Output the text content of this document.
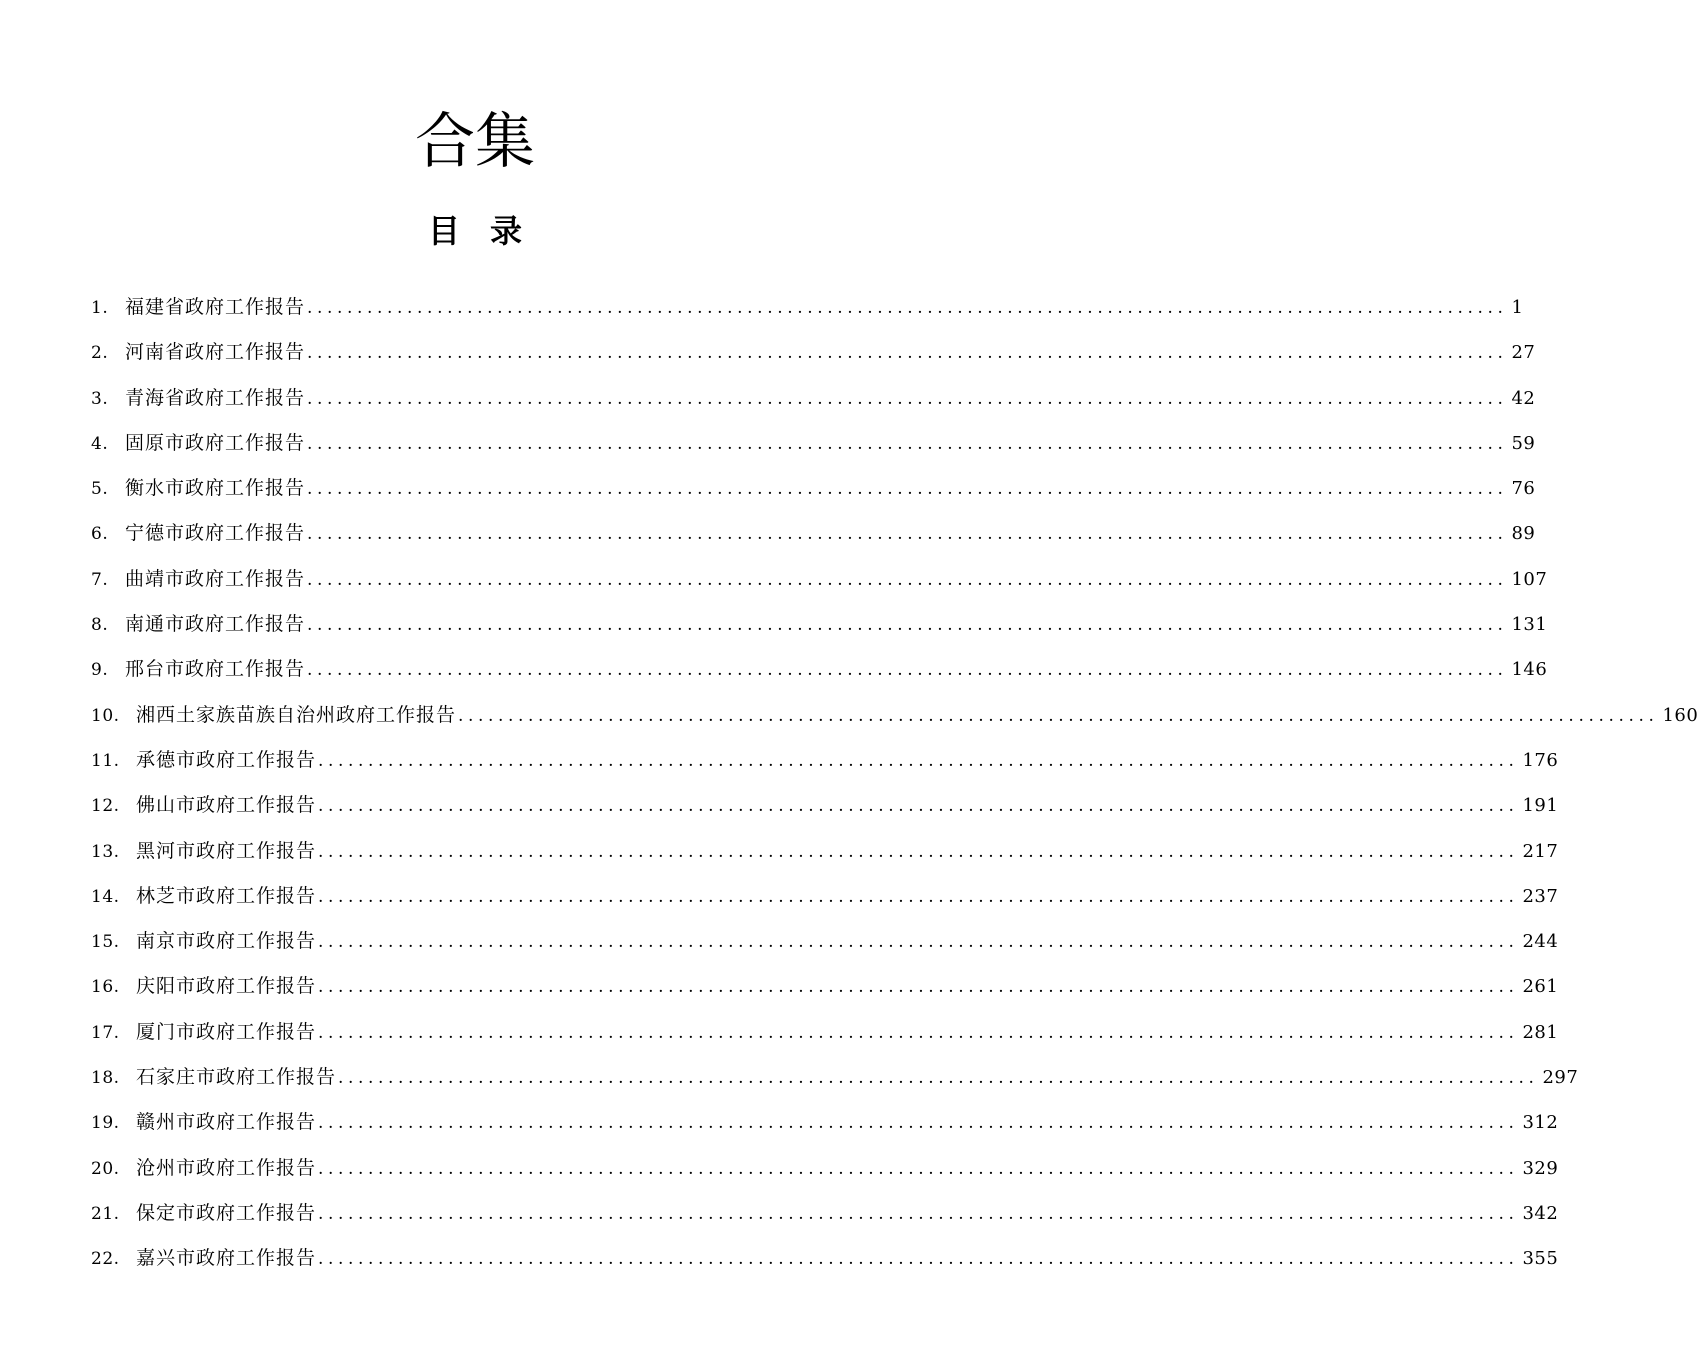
合集
目录
1. 福建省政府工作报告 ........................................................................................................................ 1
2. 河南省政府工作报告 ........................................................................................................................ 27
3. 青海省政府工作报告 ........................................................................................................................ 42
4. 固原市政府工作报告 ........................................................................................................................ 59
5. 衡水市政府工作报告 ........................................................................................................................ 76
6. 宁德市政府工作报告 ........................................................................................................................ 89
7. 曲靖市政府工作报告 ........................................................................................................................ 107
8. 南通市政府工作报告 ........................................................................................................................ 131
9. 邢台市政府工作报告 ........................................................................................................................ 146
10. 湘西土家族苗族自治州政府工作报告 ........................................................................................................................ 160
11. 承德市政府工作报告 ........................................................................................................................ 176
12. 佛山市政府工作报告 ........................................................................................................................ 191
13. 黑河市政府工作报告 ........................................................................................................................ 217
14. 林芝市政府工作报告 ........................................................................................................................ 237
15. 南京市政府工作报告 ........................................................................................................................ 244
16. 庆阳市政府工作报告 ........................................................................................................................ 261
17. 厦门市政府工作报告 ........................................................................................................................ 281
18. 石家庄市政府工作报告 ........................................................................................................................ 297
19. 赣州市政府工作报告 ........................................................................................................................ 312
20. 沧州市政府工作报告 ........................................................................................................................ 329
21. 保定市政府工作报告 ........................................................................................................................ 342
22. 嘉兴市政府工作报告 ........................................................................................................................ 355
